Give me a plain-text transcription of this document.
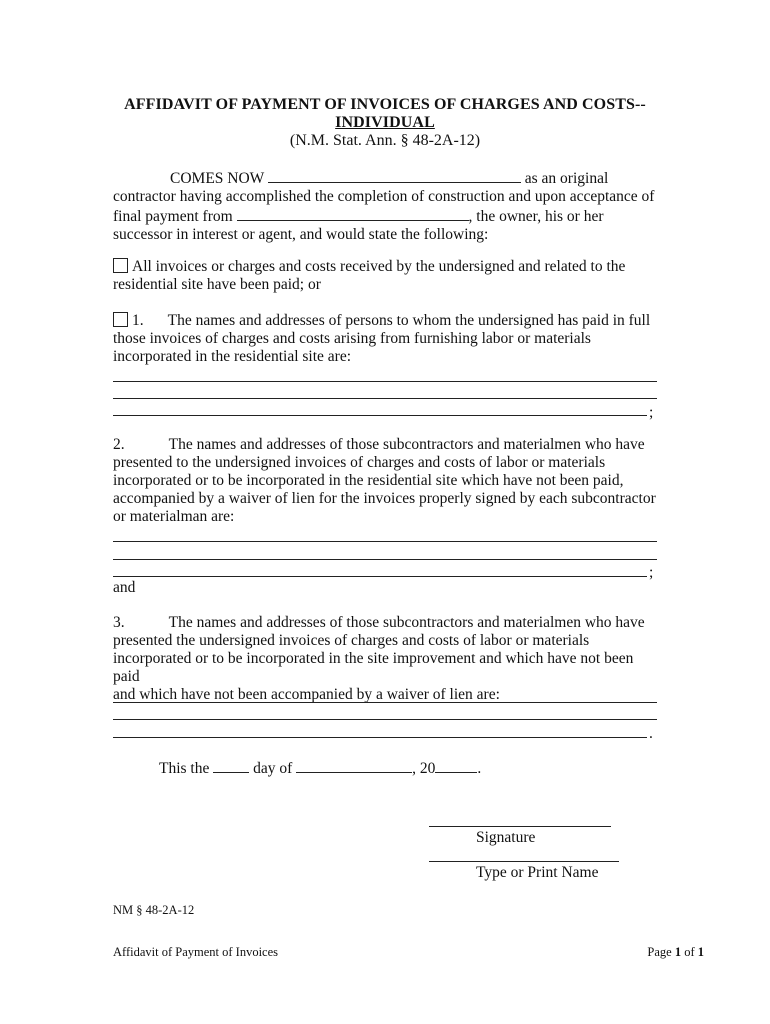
AFFIDAVIT OF PAYMENT OF INVOICES OF CHARGES AND COSTS--
INDIVIDUAL
(N.M. Stat. Ann. § 48-2A-12)
COMES NOW	as an original
contractor having accomplished the completion of construction and upon acceptance of
final payment from	, the owner, his or her
successor in interest or agent, and would state the following:
All invoices or charges and costs received by the undersigned and related to the
residential site have been paid; or
1. The names and addresses of persons to whom the undersigned has paid in full
those invoices of charges and costs arising from furnishing labor or materials
incorporated in the residential site are:
;
2.	The names and addresses of those subcontractors and materialmen who have
presented to the undersigned invoices of charges and costs of labor or materials
incorporated or to be incorporated in the residential site which have not been paid,
accompanied by a waiver of lien for the invoices properly signed by each subcontractor
or materialman are:
;
and
3.	The names and addresses of those subcontractors and materialmen who have
presented the undersigned invoices of charges and costs of labor or materials
incorporated or to be incorporated in the site improvement and which have not been paid
and which have not been accompanied by a waiver of lien are:
.
This the	day of	, 20	.
Signature
Type or Print Name
NM § 48-2A-12
Affidavit of Payment of Invoices	Page 1 of 1
